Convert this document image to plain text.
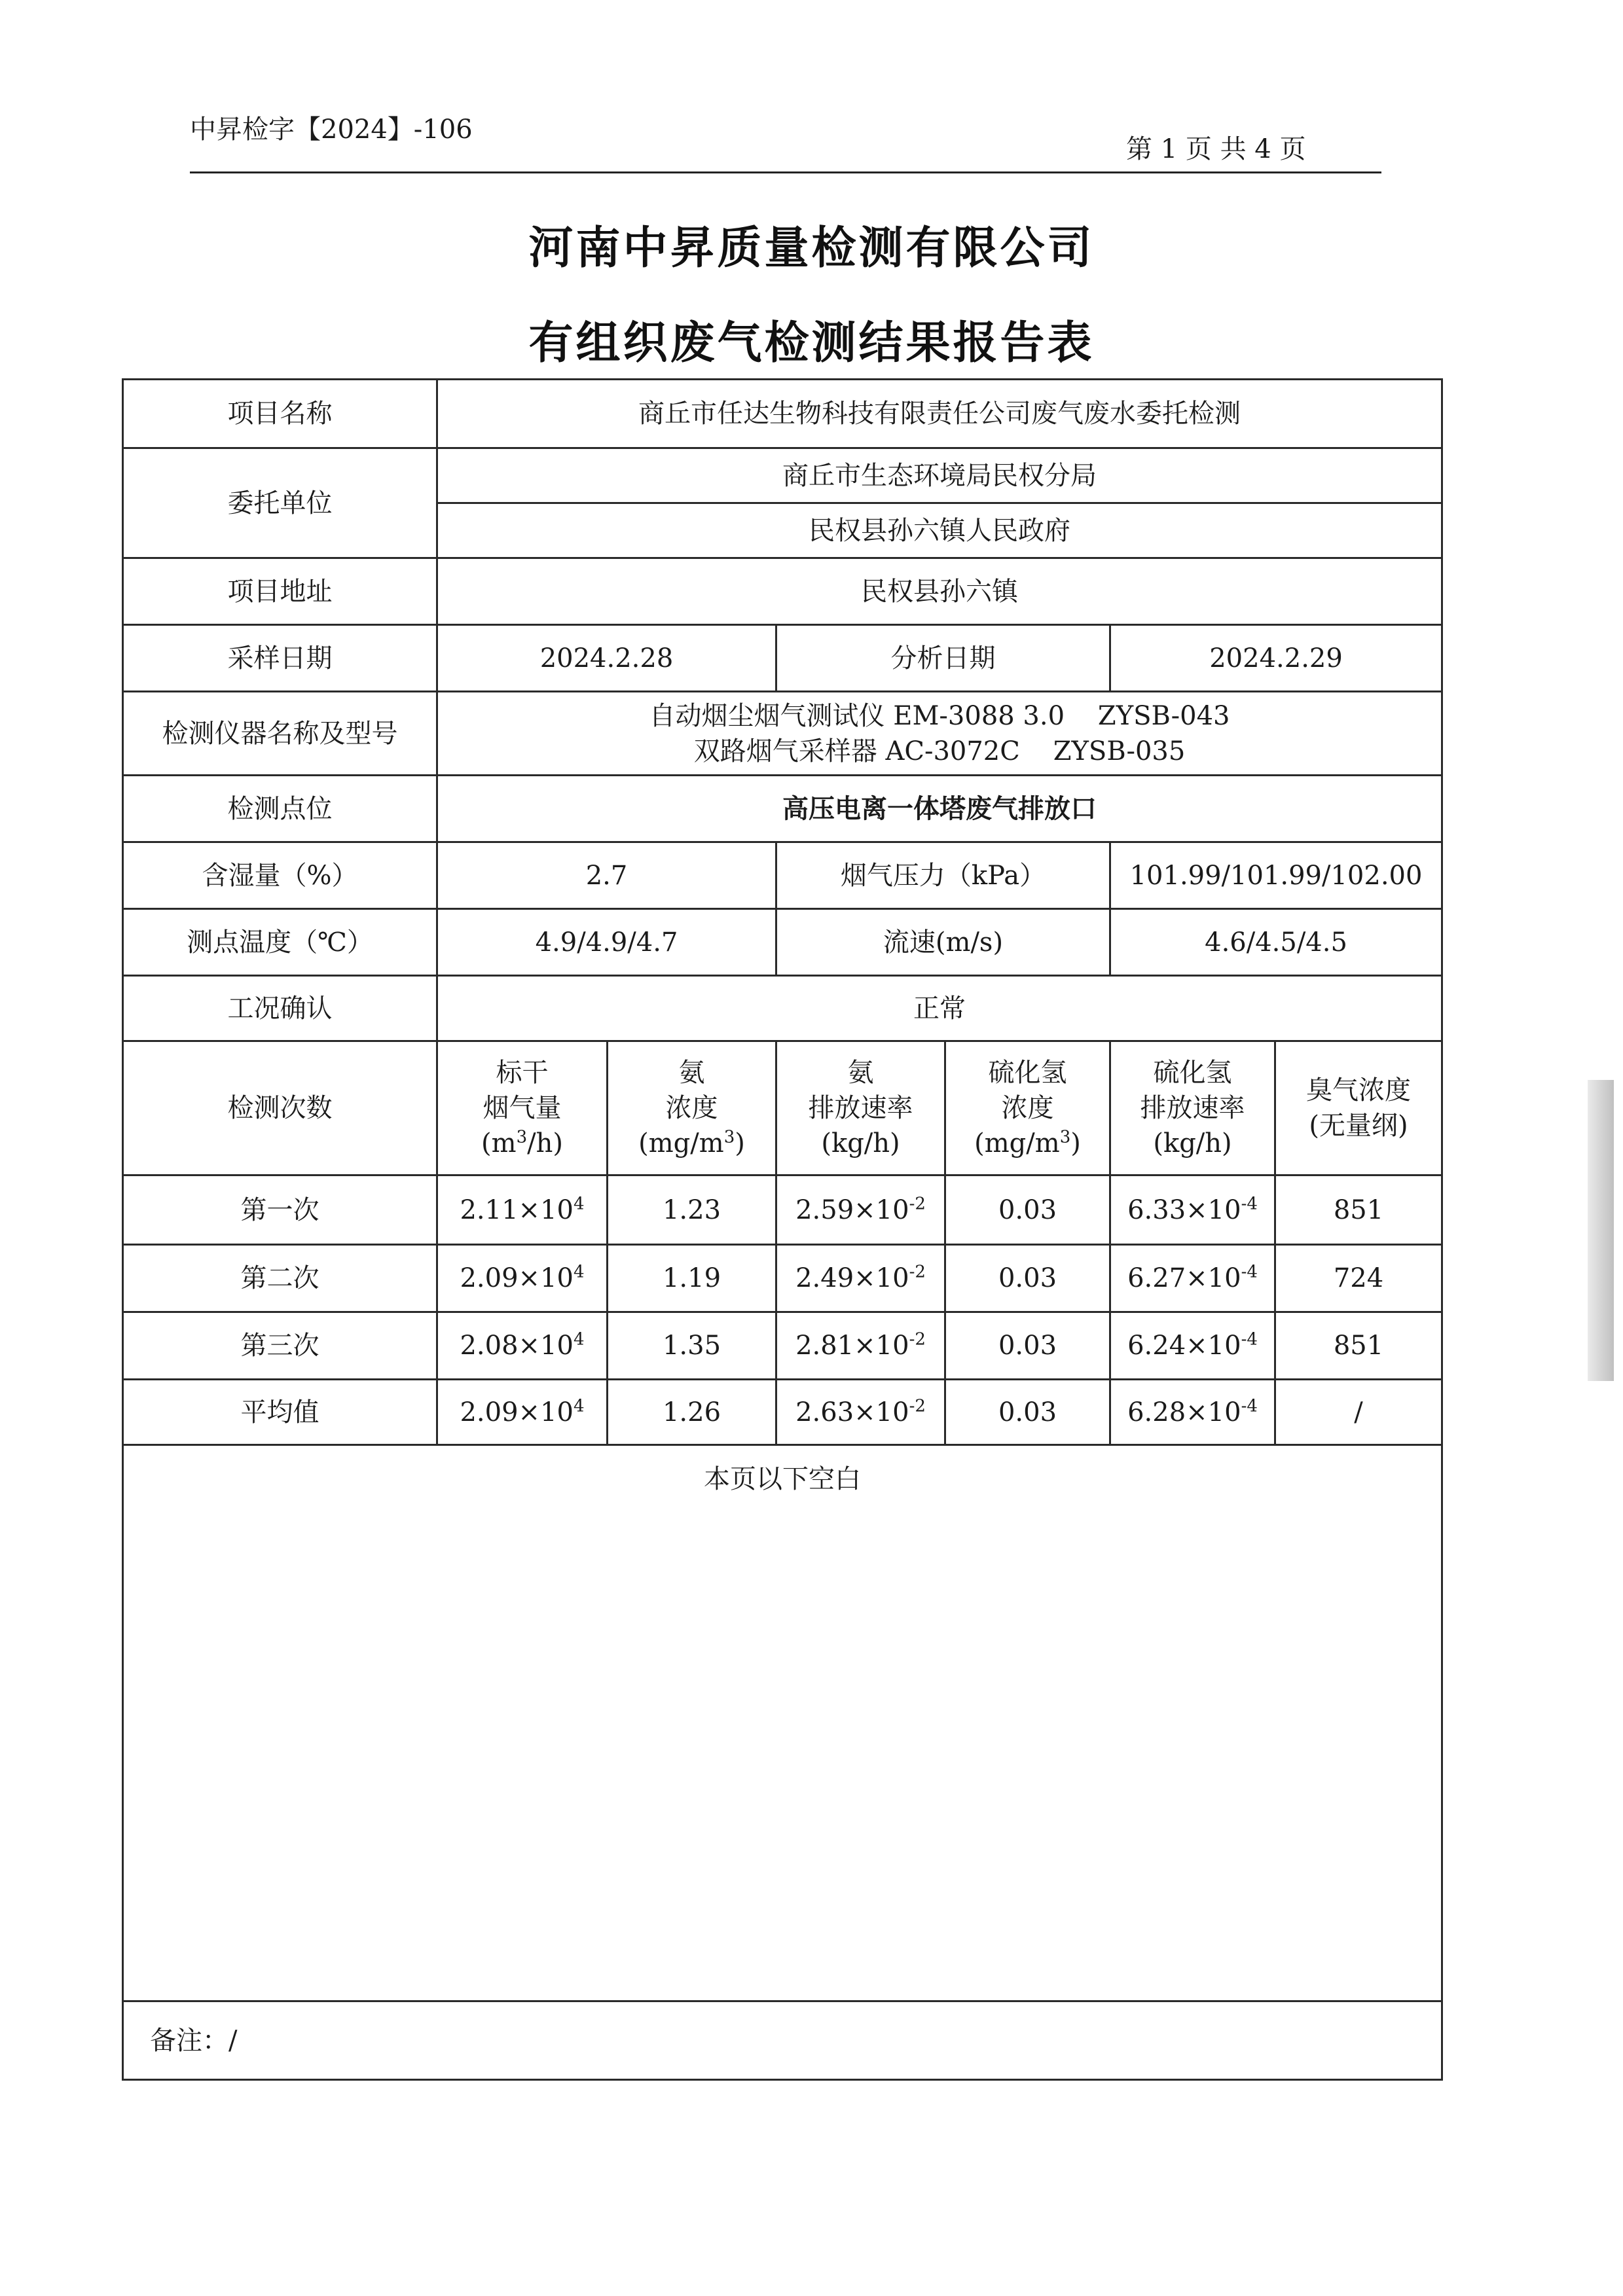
中昇检字【2024】-106
第 1 页 共 4 页
河南中昇质量检测有限公司
有组织废气检测结果报告表
项目名称	商丘市任达生物科技有限责任公司废气废水委托检测					
委托单位	商丘市生态环境局民权分局					
	民权县孙六镇人民政府					
项目地址	民权县孙六镇					
采样日期	2024.2.28		分析日期		2024.2.29	
检测仪器名称及型号	自动烟尘烟气测试仪 EM-3088 3.0    ZYSB-043
双路烟气采样器 AC-3072C    ZYSB-035					

检测点位	高压电离一体塔废气排放口					
含湿量（%）	2.7		烟气压力（kPa）		101.99/101.99/102.00	
测点温度（℃）	4.9/4.9/4.7		流速(m/s)		4.6/4.5/4.5	
工况确认	正常					
检测次数	标干
烟气量
$(m^3/h)$	氨
浓度
$(mg/m^3)$	氨
排放速率
(kg/h)	硫化氢
浓度
$(mg/m^3)$	硫化氢
排放速率
(kg/h)	臭气浓度
(无量纲)

第一次	$2.11\times 10^4$	1.23	$2.59\times 10^{-2}$	0.03	$6.33\times 10^{-4}$	851
第二次	$2.09\times 10^4$	1.19	$2.49\times 10^{-2}$	0.03	$6.27\times 10^{-4}$	724
第三次	$2.08\times 10^4$	1.35	$2.81\times 10^{-2}$	0.03	$6.24\times 10^{-4}$	851
平均值	$2.09\times 10^4$	1.26	$2.63\times 10^{-2}$	0.03	$6.28\times 10^{-4}$	/
本页以下空白						
备注：/						
